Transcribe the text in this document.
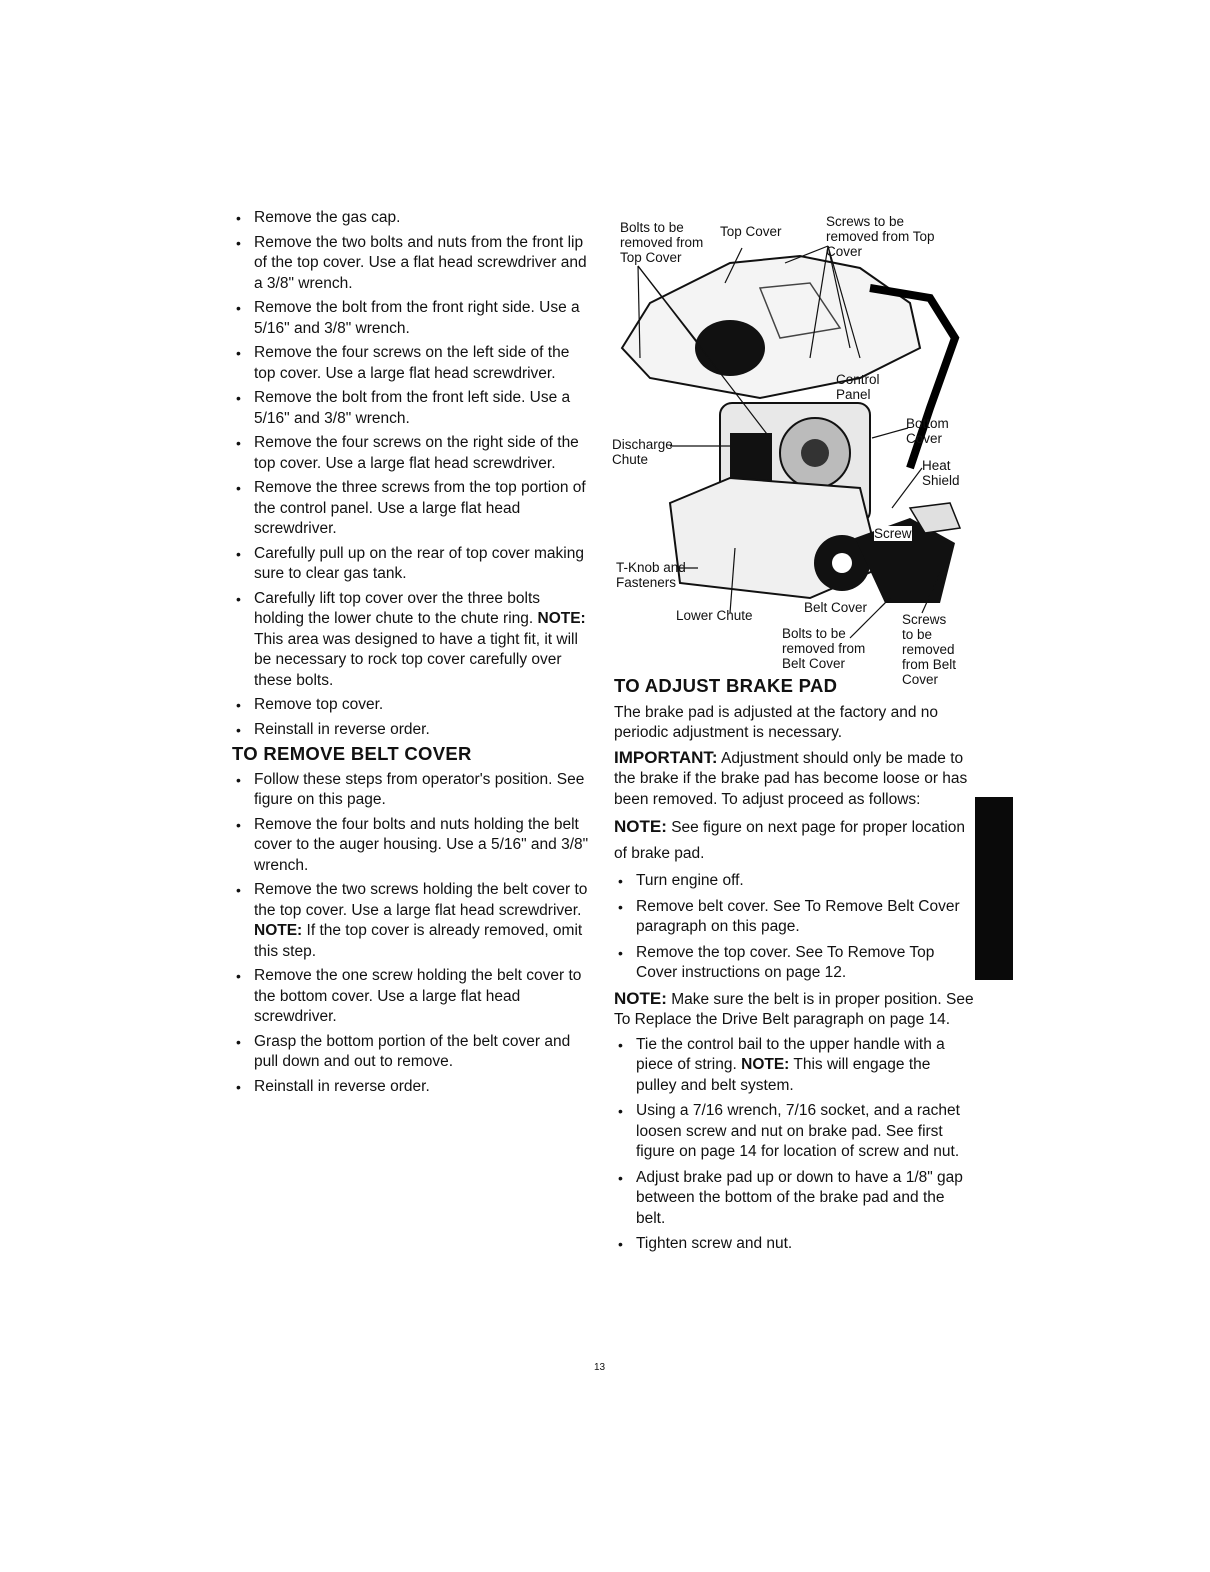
• Remove the gas cap.
• Remove the two bolts and nuts from the front lip of the top cover. Use a flat head screwdriver and a 3/8" wrench.
• Remove the bolt from the front right side. Use a 5/16" and 3/8" wrench.
• Remove the four screws on the left side of the top cover. Use a large flat head screwdriver.
• Remove the bolt from the front left side. Use a 5/16" and 3/8" wrench.
• Remove the four screws on the right side of the top cover. Use a large flat head screwdriver.
• Remove the three screws from the top portion of the control panel. Use a large flat head screwdriver.
• Carefully pull up on the rear of top cover making sure to clear gas tank.
• Carefully lift top cover over the three bolts holding the lower chute to the chute ring. NOTE: This area was designed to have a tight fit, it will be necessary to rock top cover carefully over these bolts.
• Remove top cover.
• Reinstall in reverse order.
TO REMOVE BELT COVER
• Follow these steps from operator's position. See figure on this page.
• Remove the four bolts and nuts holding the belt cover to the auger housing. Use a 5/16" and 3/8" wrench.
• Remove the two screws holding the belt cover to the top cover. Use a large flat head screwdriver. NOTE: If the top cover is already removed, omit this step.
• Remove the one screw holding the belt cover to the bottom cover. Use a large flat head screwdriver.
• Grasp the bottom portion of the belt cover and pull down and out to remove.
• Reinstall in reverse order.
Bolts to be
removed from
Top Cover
Top Cover
Screws to be
removed from Top
Cover
Control
Panel
Bottom
Cover
Heat
Shield
Discharge
Chute
Screw
T-Knob and
Fasteners
Lower Chute
Belt Cover
Bolts to be
removed from
Belt Cover
Screws
to be
removed
from Belt
Cover
TO ADJUST BRAKE PAD

The brake pad is adjusted at the factory and no periodic adjustment is necessary.

IMPORTANT: Adjustment should only be made to the brake if the brake pad has become loose or has been removed. To adjust proceed as follows:

NOTE: See figure on next page for proper location of brake pad.

• Turn engine off.
• Remove belt cover. See To Remove Belt Cover paragraph on this page.
• Remove the top cover. See To Remove Top Cover instructions on page 12.

NOTE: Make sure the belt is in proper position. See To Replace the Drive Belt paragraph on page 14.

• Tie the control bail to the upper handle with a piece of string. NOTE: This will engage the pulley and belt system.
• Using a 7/16 wrench, 7/16 socket, and a rachet loosen screw and nut on brake pad. See first figure on page 14 for location of screw and nut.
• Adjust brake pad up or down to have a 1/8" gap between the bottom of the brake pad and the belt.
• Tighten screw and nut.
13
